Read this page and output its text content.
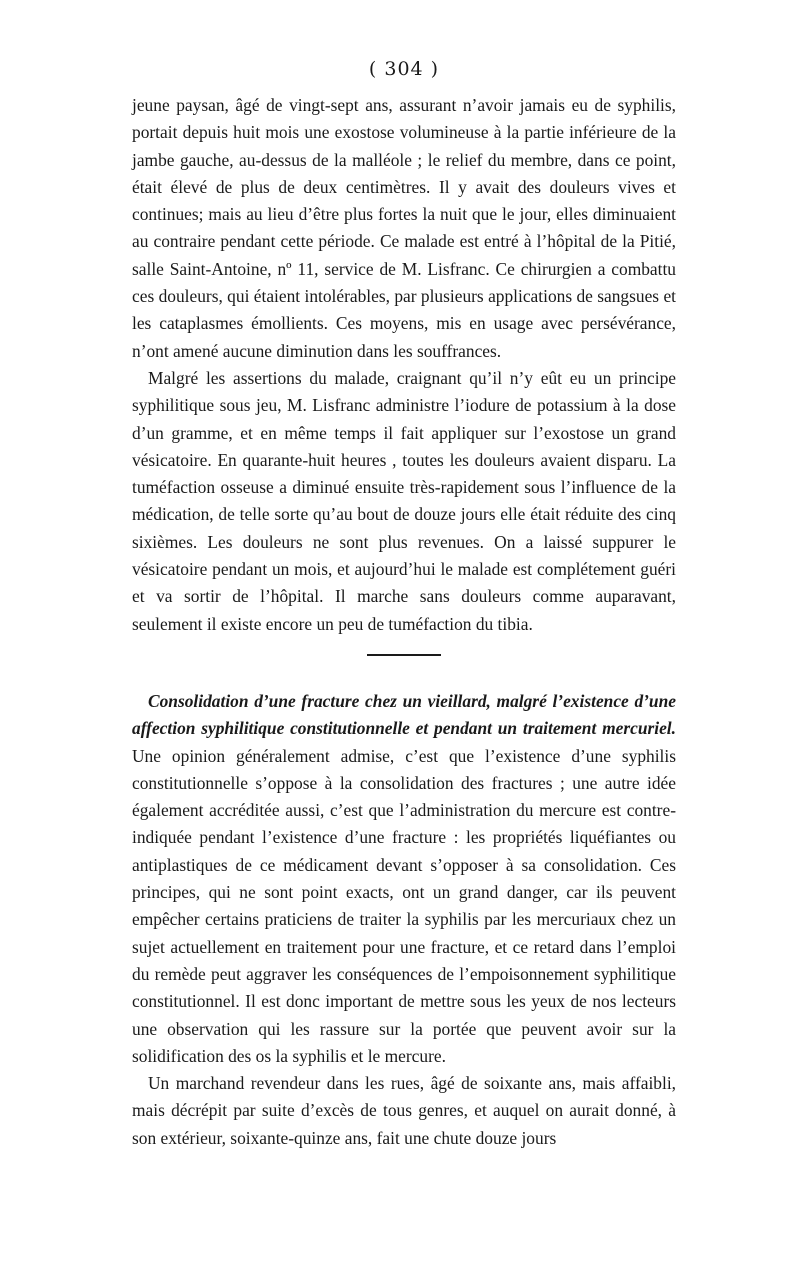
( 304 )

jeune paysan, âgé de vingt-sept ans, assurant n’avoir jamais eu de syphilis, portait depuis huit mois une exostose volumineuse à la partie inférieure de la jambe gauche, au-dessus de la malléole ; le relief du membre, dans ce point, était élevé de plus de deux centimètres. Il y avait des douleurs vives et continues; mais au lieu d’être plus fortes la nuit que le jour, elles diminuaient au contraire pendant cette période. Ce malade est entré à l’hôpital de la Pitié, salle Saint-Antoine, nº 11, service de M. Lisfranc. Ce chirurgien a combattu ces douleurs, qui étaient intolérables, par plusieurs applications de sangsues et les cataplasmes émollients. Ces moyens, mis en usage avec persévérance, n’ont amené aucune diminution dans les souffrances.

Malgré les assertions du malade, craignant qu’il n’y eût eu un principe syphilitique sous jeu, M. Lisfranc administre l’iodure de potassium à la dose d’un gramme, et en même temps il fait appliquer sur l’exostose un grand vésicatoire. En quarante-huit heures , toutes les douleurs avaient disparu. La tuméfaction osseuse a diminué ensuite très-rapidement sous l’influence de la médication, de telle sorte qu’au bout de douze jours elle était réduite des cinq sixièmes. Les douleurs ne sont plus revenues. On a laissé suppurer le vésicatoire pendant un mois, et aujourd’hui le malade est complétement guéri et va sortir de l’hôpital. Il marche sans douleurs comme auparavant, seulement il existe encore un peu de tuméfaction du tibia.

Consolidation d’une fracture chez un vieillard, malgré l’existence d’une affection syphilitique constitutionnelle et pendant un traitement mercuriel. Une opinion généralement admise, c’est que l’existence d’une syphilis constitutionnelle s’oppose à la consolidation des fractures ; une autre idée également accréditée aussi, c’est que l’administration du mercure est contre-indiquée pendant l’existence d’une fracture : les propriétés liquéfiantes ou antiplastiques de ce médicament devant s’opposer à sa consolidation. Ces principes, qui ne sont point exacts, ont un grand danger, car ils peuvent empêcher certains praticiens de traiter la syphilis par les mercuriaux chez un sujet actuellement en traitement pour une fracture, et ce retard dans l’emploi du remède peut aggraver les conséquences de l’empoisonnement syphilitique constitutionnel. Il est donc important de mettre sous les yeux de nos lecteurs une observation qui les rassure sur la portée que peuvent avoir sur la solidification des os la syphilis et le mercure.

Un marchand revendeur dans les rues, âgé de soixante ans, mais affaibli, mais décrépit par suite d’excès de tous genres, et auquel on aurait donné, à son extérieur, soixante-quinze ans, fait une chute douze jours
